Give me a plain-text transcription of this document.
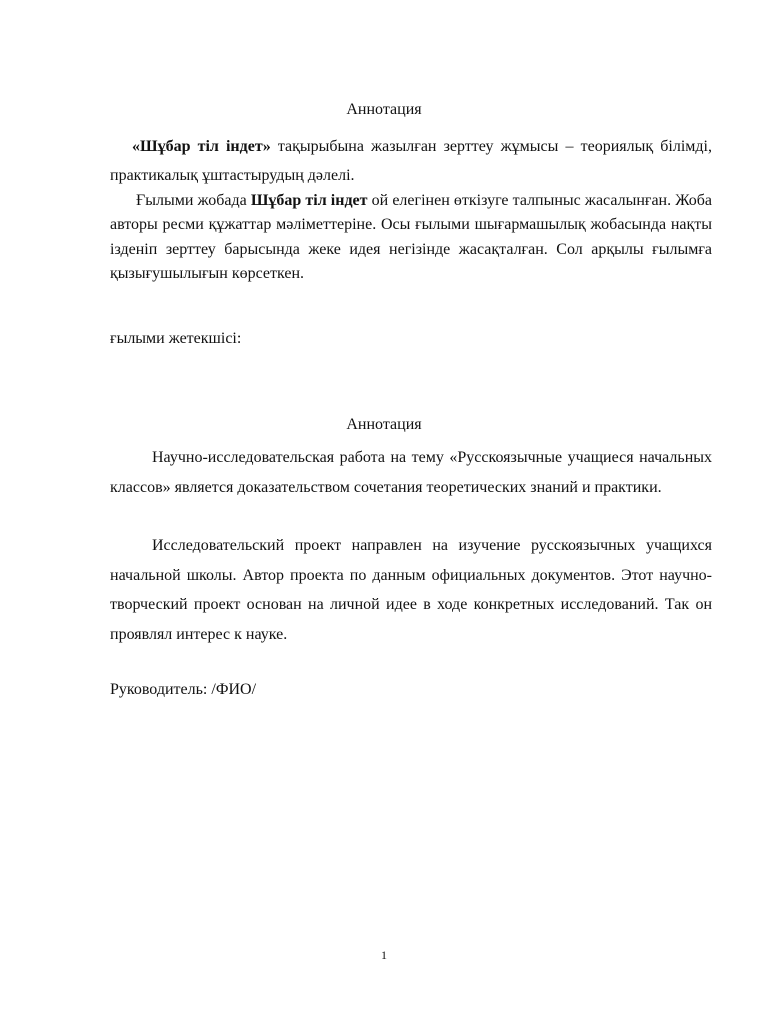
Аннотация

«Шұбар тіл індет» тақырыбына жазылған зерттеу жұмысы – теориялық білімді, практикалық ұштастырудың дәлелі.

Ғылыми жобада Шұбар тіл індет ой елегінен өткізуге талпыныс жасалынған. Жоба авторы ресми құжаттар мәліметтеріне. Осы ғылыми шығармашылық жобасында нақты ізденіп зерттеу барысында жеке идея негізінде жасақталған. Сол арқылы ғылымға қызығушылығын көрсеткен.

ғылыми жетекшісі:

Аннотация

Научно-исследовательская работа на тему «Русскоязычные учащиеся начальных классов» является доказательством сочетания теоретических знаний и практики.

Исследовательский проект направлен на изучение русскоязычных учащихся начальной школы. Автор проекта по данным официальных документов. Этот научно-творческий проект основан на личной идее в ходе конкретных исследований. Так он проявлял интерес к науке.

Руководитель: /ФИО/

1
